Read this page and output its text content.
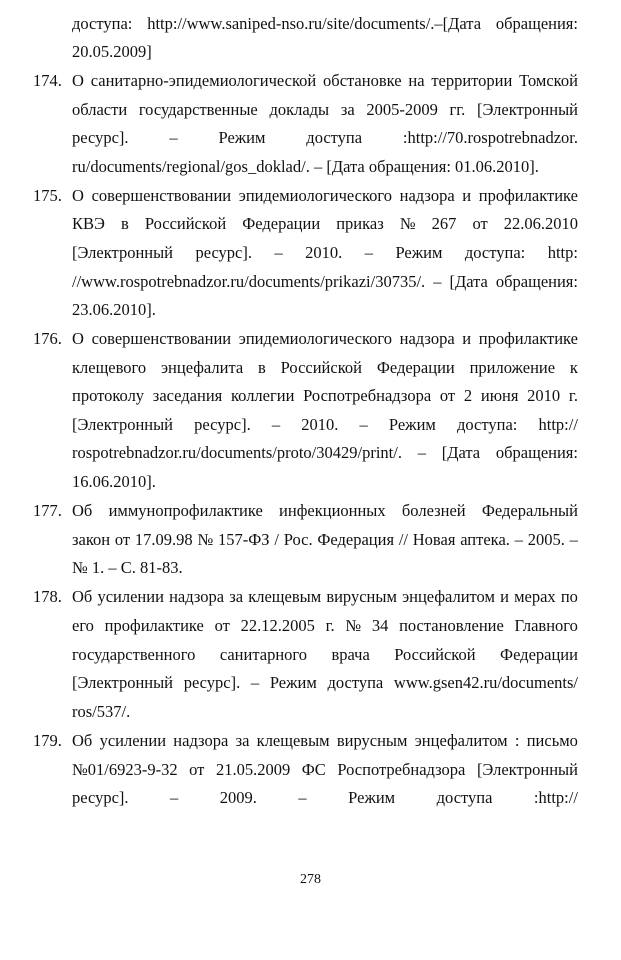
доступа: http://www.saniped-nso.ru/site/documents/.–[Дата обращения:
20.05.2009]
174. О санитарно-эпидемиологической обстановке на территории Томской
области государственные доклады за 2005-2009 гг. [Электронный
ресурс]. – Режим доступа :http://70.rospotrebnadzor.
ru/documents/regional/gos_doklad/. – [Дата обращения: 01.06.2010].
175. О совершенствовании эпидемиологического надзора и профилактике
КВЭ в Российской Федерации приказ № 267 от 22.06.2010
[Электронный ресурс]. – 2010. – Режим доступа: http:
//www.rospotrebnadzor.ru/documents/prikazi/30735/. – [Дата обращения:
23.06.2010].
176. О совершенствовании эпидемиологического надзора и профилактике
клещевого энцефалита в Российской Федерации приложение к
протоколу заседания коллегии Роспотребнадзора от 2 июня 2010 г.
[Электронный ресурс]. – 2010. – Режим доступа: http://
rospotrebnadzor.ru/documents/proto/30429/print/. – [Дата обращения:
16.06.2010].
177. Об иммунопрофилактике инфекционных болезней Федеральный
закон от 17.09.98 № 157-ФЗ / Рос. Федерация // Новая аптека. – 2005. –
№ 1. – С. 81-83.
178. Об усилении надзора за клещевым вирусным энцефалитом и мерах по
его профилактике от 22.12.2005 г. № 34 постановление Главного
государственного санитарного врача Российской Федерации
[Электронный ресурс]. – Режим доступа www.gsen42.ru/documents/
ros/537/.
179. Об усилении надзора за клещевым вирусным энцефалитом : письмо
№01/6923-9-32 от 21.05.2009 ФС Роспотребнадзора [Электронный
ресурс].	–	2009.	–	Режим	доступа	:http://
278
